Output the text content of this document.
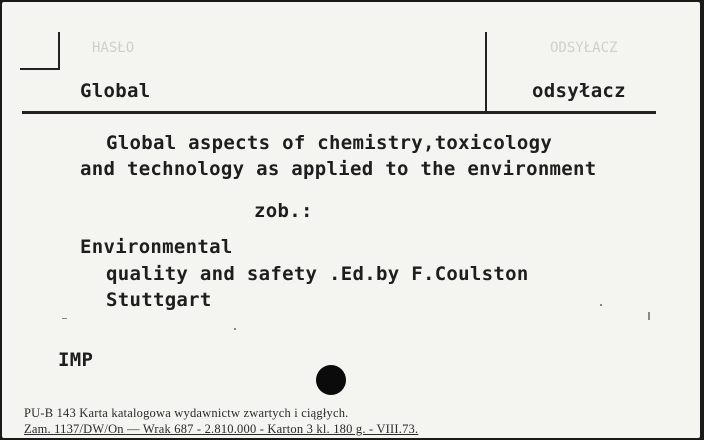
HASŁO	ODSYŁACZ
Global	odsyłacz
Global aspects of chemistry,toxicology
and technology as applied to the environment
zob.:
Environmental
quality and safety .Ed.by F.Coulston
Stuttgart
IMP
PU-B 143 Karta katalogowa wydawnictw zwartych i ciągłych.
Zam. 1137/DW/On — Wrak 687 - 2.810.000 - Karton 3 kl. 180 g. - VIII.73.
